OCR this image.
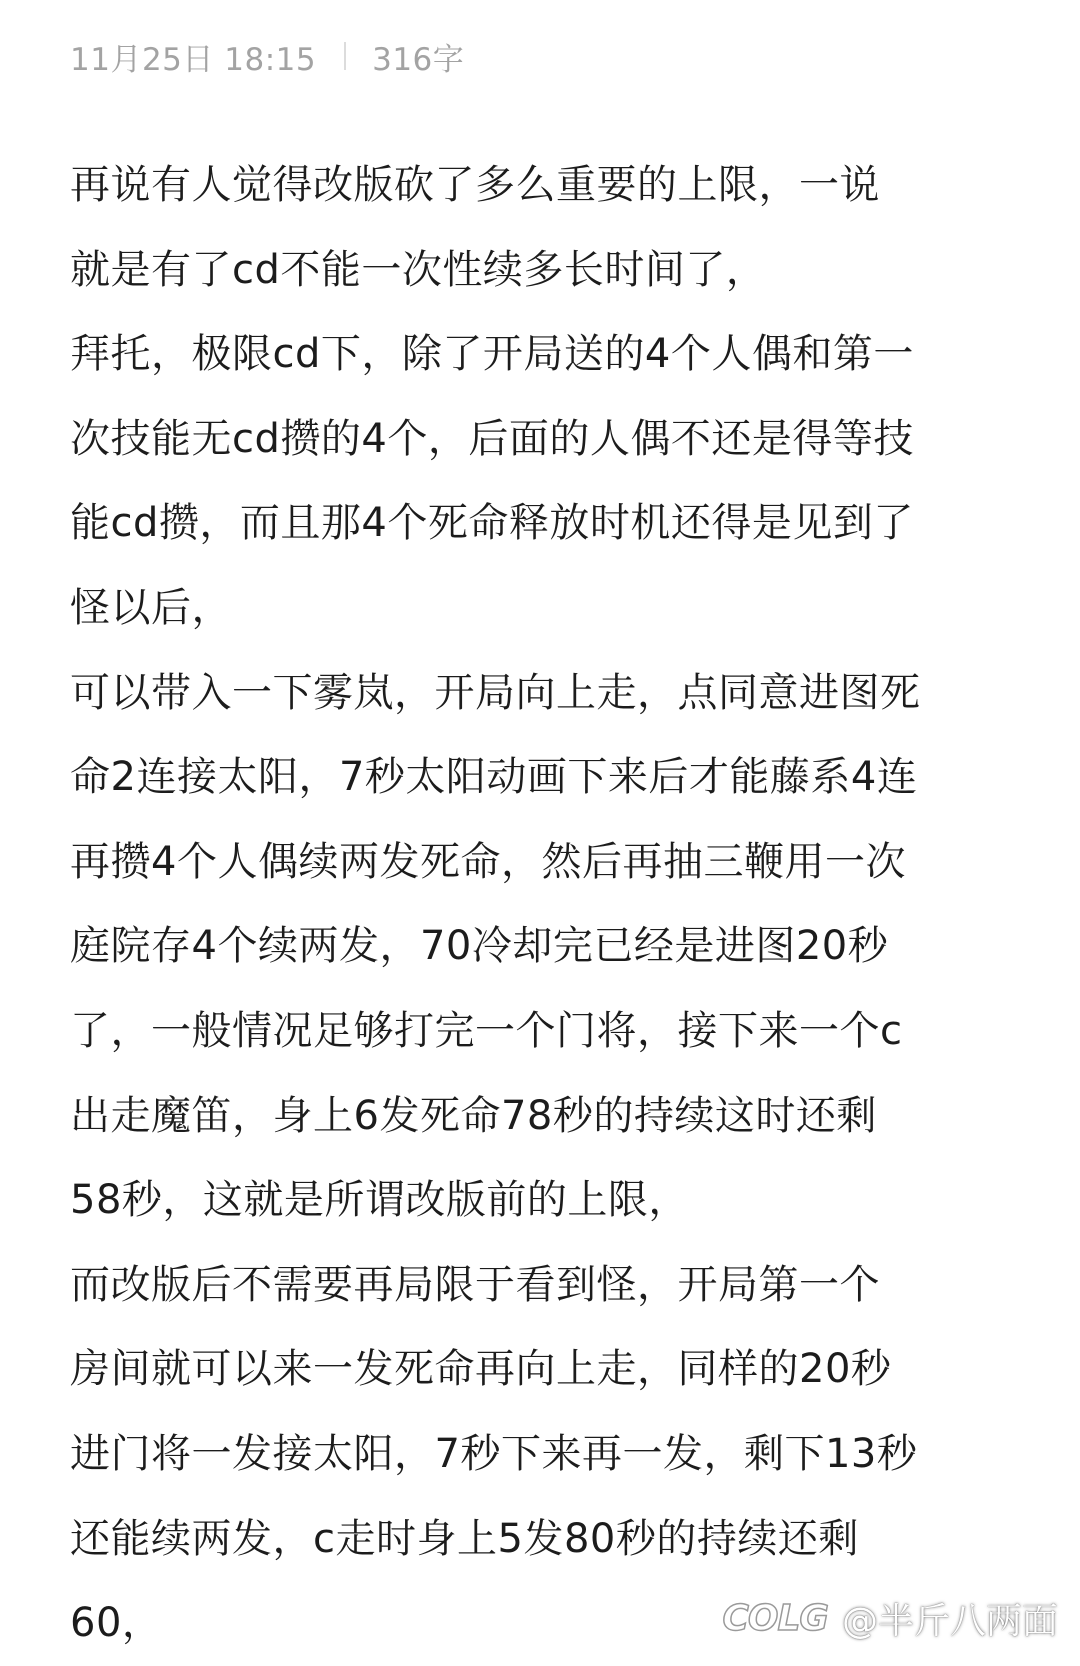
11月25日 18:15 316字
再说有人觉得改版砍了多么重要的上限，一说
就是有了cd不能一次性续多长时间了，
拜托，极限cd下，除了开局送的4个人偶和第一
次技能无cd攒的4个，后面的人偶不还是得等技
能cd攒，而且那4个死命释放时机还得是见到了
怪以后，
可以带入一下雾岚，开局向上走，点同意进图死
命2连接太阳，7秒太阳动画下来后才能藤系4连
再攒4个人偶续两发死命，然后再抽三鞭用一次
庭院存4个续两发，70冷却完已经是进图20秒
了，一般情况足够打完一个门将，接下来一个c
出走魔笛，身上6发死命78秒的持续这时还剩
58秒，这就是所谓改版前的上限，
而改版后不需要再局限于看到怪，开局第一个
房间就可以来一发死命再向上走，同样的20秒
进门将一发接太阳，7秒下来再一发，剩下13秒
还能续两发，c走时身上5发80秒的持续还剩
60，	COLG @半斤八两面
